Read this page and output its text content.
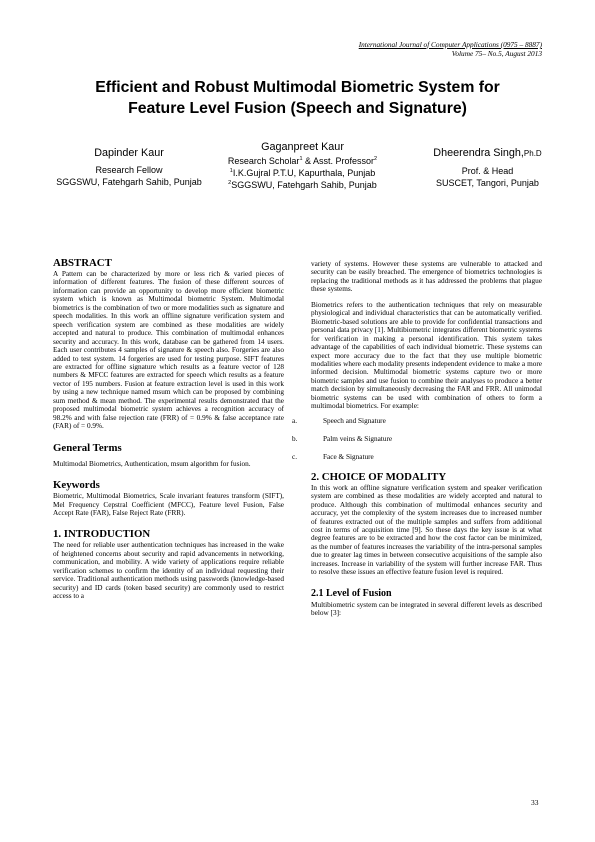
International Journal of Computer Applications (0975 – 8887)
Volume 75– No.5, August 2013
Efficient and Robust Multimodal Biometric System for
Feature Level Fusion (Speech and Signature)
Dapinder Kaur
Research Fellow
SGGSWU, Fatehgarh Sahib, Punjab
Gaganpreet Kaur
Research Scholar$^1$ & Asst. Professor$^2$
$^1$I.K.Gujral P.T.U, Kapurthala, Punjab
$^2$SGGSWU, Fatehgarh Sahib, Punjab
Dheerendra Singh,Ph.D
Prof. & Head
SUSCET, Tangori, Punjab
ABSTRACT

A Pattern can be characterized by more or less rich & varied pieces of information of different features. The fusion of these different sources of information can provide an opportunity to develop more efficient biometric system which is known as Multimodal biometric System. Multimodal biometrics is the combination of two or more modalities such as signature and speech modalities. In this work an offline signature verification system and speech verification system are combined as these modalities are widely accepted and natural to produce. This combination of multimodal enhances security and accuracy. In this work, database can be gathered from 14 users. Each user contributes 4 samples of signature & speech also. Forgeries are also added to test system. 14 forgeries are used for testing purpose. SIFT features are extracted for offline signature which results as a feature vector of 128 numbers & MFCC features are extracted for speech which results as a feature vector of 195 numbers. Fusion at feature extraction level is used in this work by using a new technique named msum which can be proposed by combining sum method & mean method. The experimental results demonstrated that the proposed multimodal biometric system achieves a recognition accuracy of 98.2% and with false rejection rate (FRR) of = 0.9% & false acceptance rate (FAR) of = 0.9%.

General Terms

Multimodal Biometrics, Authentication, msum algorithm for fusion.

Keywords

Biometric, Multimodal Biometrics, Scale invariant features transform (SIFT), Mel Frequency Cepstral Coefficient (MFCC), Feature level Fusion, False Accept Rate (FAR), False Reject Rate (FRR).

1. INTRODUCTION

The need for reliable user authentication techniques has increased in the wake of heightened concerns about security and rapid advancements in networking, communication, and mobility. A wide variety of applications require reliable verification schemes to confirm the identity of an individual requesting their service. Traditional authentication methods using passwords (knowledge-based security) and ID cards (token based security) are commonly used to restrict access to a

variety of systems. However these systems are vulnerable to attacked and security can be easily breached. The emergence of biometrics technologies is replacing the traditional methods as it has addressed the problems that plague these systems.

Biometrics refers to the authentication techniques that rely on measurable physiological and individual characteristics that can be automatically verified. Biometric-based solutions are able to provide for confidential transactions and personal data privacy [1]. Multibiometric integrates different biometric systems for verification in making a personal identification. This system takes advantage of the capabilities of each individual biometric. These systems can expect more accuracy due to the fact that they use multiple biometric modalities where each modality presents independent evidence to make a more informed decision. Multimodal biometric systems capture two or more biometric samples and use fusion to combine their analyses to produce a better match decision by simultaneously decreasing the FAR and FRR. All unimodal biometric systems can be used with combination of others to form a multimodal biometrics. For example:

a.	Speech and Signature
b.	Palm veins & Signature
c.	Face & Signature
2. CHOICE OF MODALITY

In this work an offline signature verification system and speaker verification system are combined as these modalities are widely accepted and natural to produce. Although this combination of multimodal enhances security and accuracy, yet the complexity of the system increases due to increased number of features extracted out of the multiple samples and suffers from additional cost in terms of acquisition time [9]. So these days the key issue is at what degree features are to be extracted and how the cost factor can be minimized, as the number of features increases the variability of the intra-personal samples due to greater lag times in between consecutive acquisitions of the sample also increases. Increase in variability of the system will further increase FAR. Thus to resolve these issues an effective feature fusion level is required.

2.1 Level of Fusion

Multibiometric system can be integrated in several different levels as described below [3]:

33
